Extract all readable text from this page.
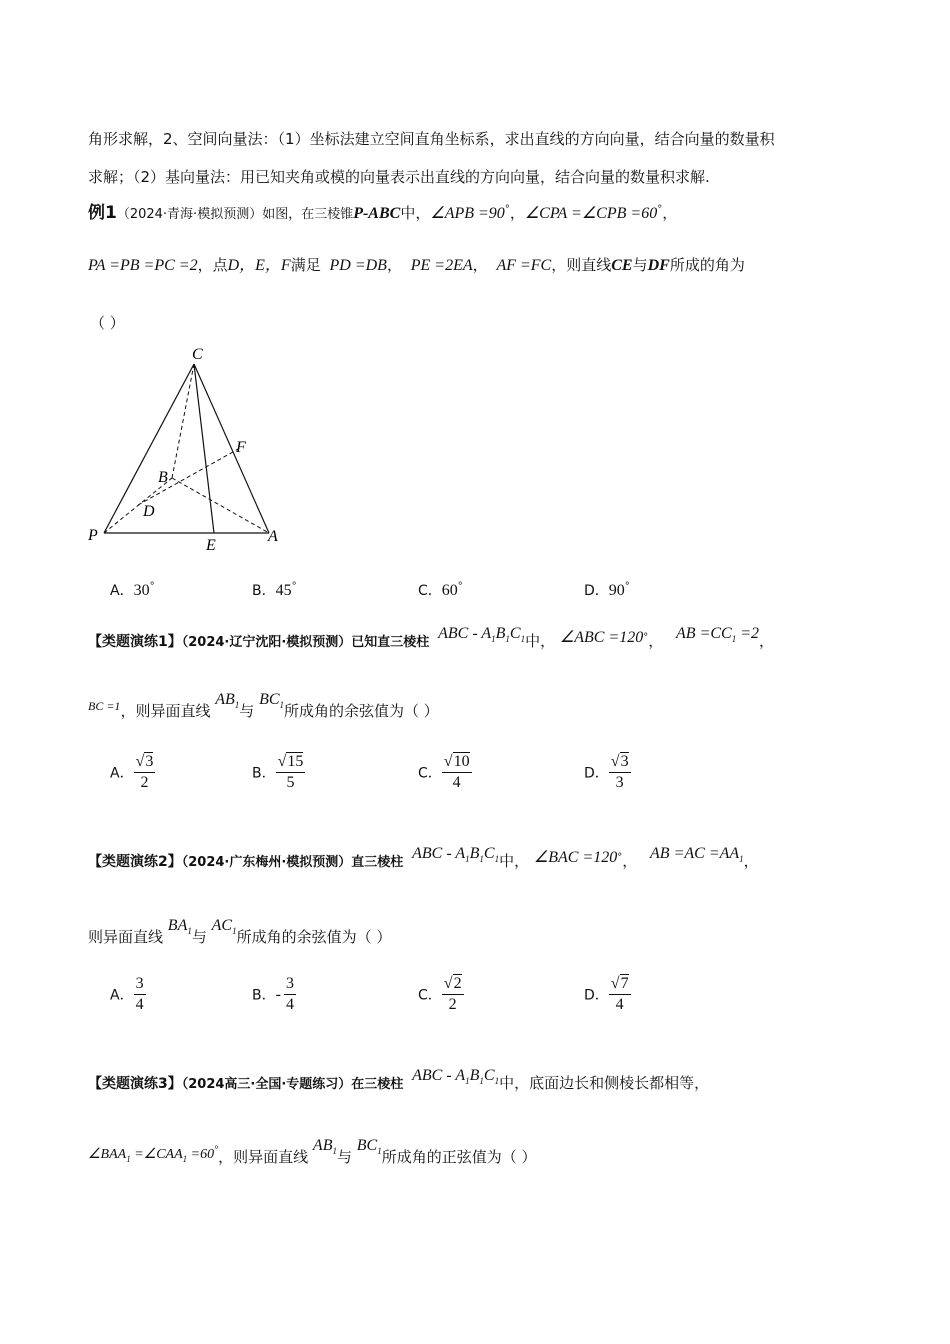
角形求解，2、空间向量法：（1）坐标法建立空间直角坐标系，求出直线的方向向量，结合向量的数量积
求解；（2）基向量法：用已知夹角或模的向量表示出直线的方向向量，结合向量的数量积求解.
例1（2024·青海·模拟预测）如图，在三棱锥P-ABC中，∠APB =90°，∠CPA =∠CPB =60°，
PA =PB =PC =2，点D，E，F满足 PD =DB， PE =2EA， AF =FC，则直线CE与DF所成的角为
（ ）
C
B
F
D
P
E
A
A．30°	B．45°	C．60°	D．90°
【类题演练1】（2024·辽宁沈阳·模拟预测）已知直三棱柱 ABC - $A_1B_1C_1$中， ∠ABC =120°， AB $=CC_1 =2$，
$^{BC =1}$，则异面直线 $AB_1$与 $BC_1$所成角的余弦值为（ ）
A． $\frac{√3}{2}$	B． $\frac{√15}{5}$	C． $\frac{√10}{4}$	D． $\frac{√3}{3}$
【类题演练2】（2024·广东梅州·模拟预测）直三棱柱 ABC - $A_1B_1C_1$中， ∠BAC =120°， AB $=AC =AA_1$，
则异面直线 $BA_1$与 $AC_1$所成角的余弦值为（ ）
A． $\frac{3}{4}$	B．- $\frac{3}{4}$	C． $\frac{√2}{2}$	D． $\frac{√7}{4}$
【类题演练3】（2024高三·全国·专题练习）在三棱柱 ABC - $A_1B_1C_1$中，底面边长和侧棱长都相等，
$\angle BAA_1$ $=\angle CAA_1 =60^\circ$，则异面直线 $AB_1$与 $BC_1$所成角的正弦值为（ ）
